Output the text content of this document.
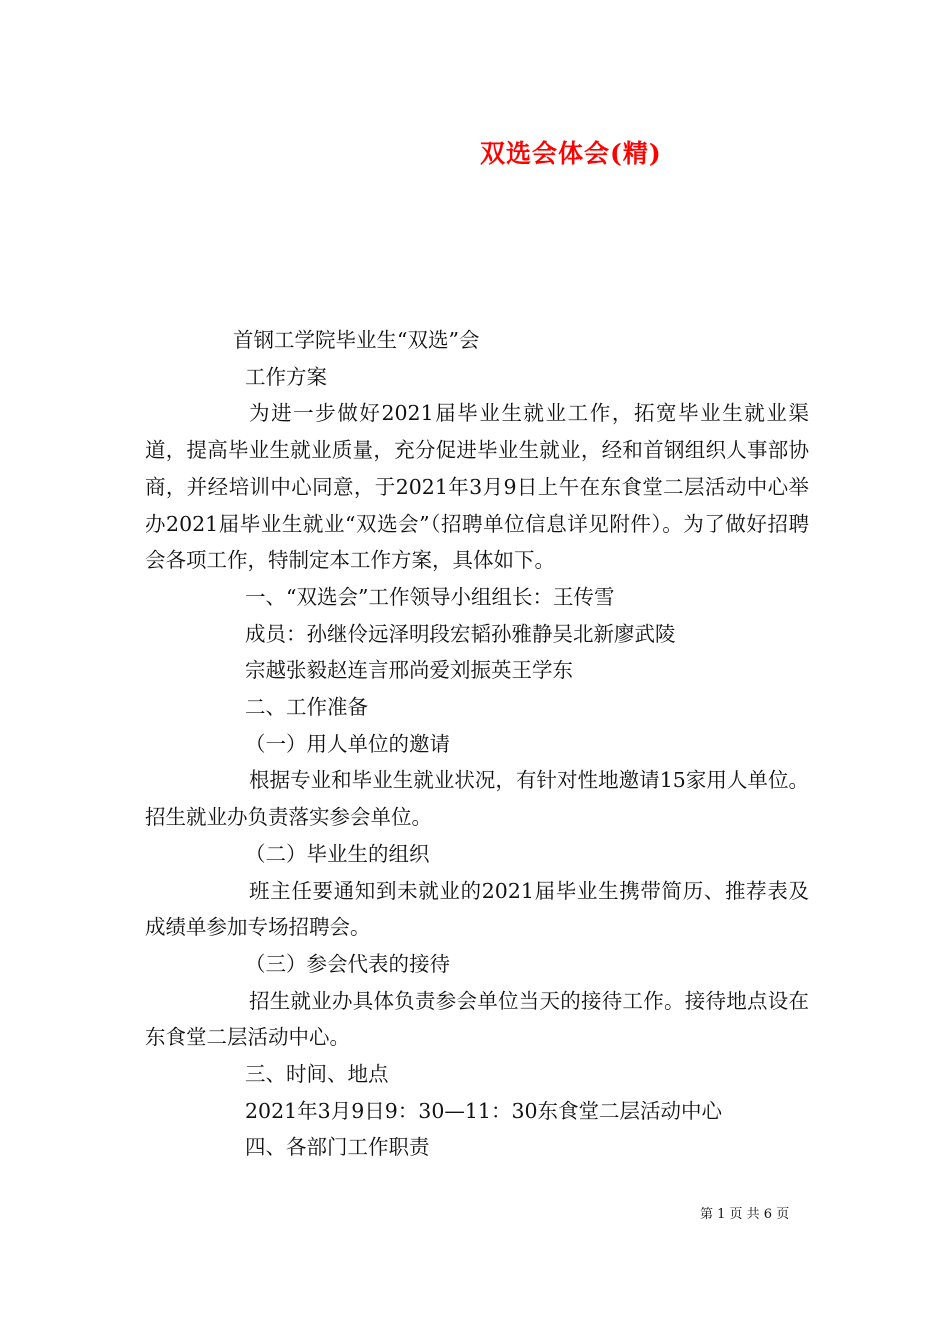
双选会体会(精)

首钢工学院毕业生“双选”会

工作方案

为进一步做好2021届毕业生就业工作，拓宽毕业生就业渠道，提高毕业生就业质量，充分促进毕业生就业，经和首钢组织人事部协商，并经培训中心同意，于2021年3月9日上午在东食堂二层活动中心举办2021届毕业生就业“双选会”（招聘单位信息详见附件）。为了做好招聘会各项工作，特制定本工作方案，具体如下。

一、“双选会”工作领导小组组长：王传雪

成员：孙继伶远泽明段宏韬孙雅静吴北新廖武陵

宗越张毅赵连言邢尚爱刘振英王学东

二、工作准备

（一）用人单位的邀请

根据专业和毕业生就业状况，有针对性地邀请15家用人单位。招生就业办负责落实参会单位。

（二）毕业生的组织

班主任要通知到未就业的2021届毕业生携带简历、推荐表及成绩单参加专场招聘会。

（三）参会代表的接待

招生就业办具体负责参会单位当天的接待工作。接待地点设在东食堂二层活动中心。

三、时间、地点

2021年3月9日9：30—11：30东食堂二层活动中心

四、各部门工作职责

第 1 页 共 6 页
